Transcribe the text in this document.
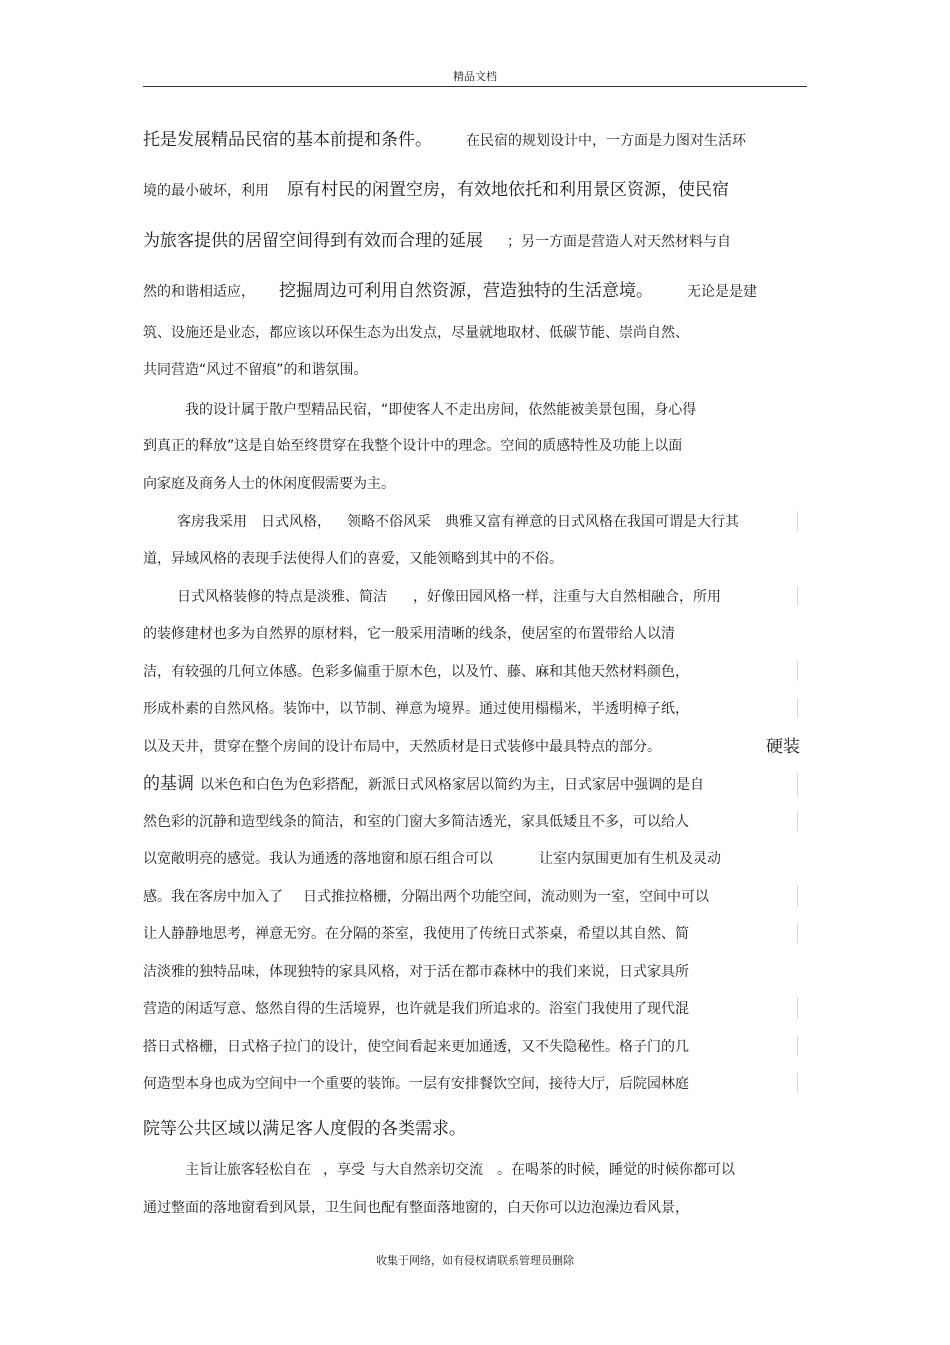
精品文档
托是发展精品民宿的基本前提和条件。 在民宿的规划设计中，一方面是力图对生活环
境的最小破坏，利用 原有村民的闲置空房，有效地依托和利用景区资源，使民宿
为旅客提供的居留空间得到有效而合理的延展 ；另一方面是营造人对天然材料与自
然的和谐相适应， 挖掘周边可利用自然资源，营造独特的生活意境。 无论是是建
筑、设施还是业态，都应该以环保生态为出发点，尽量就地取材、低碳节能、崇尚自然、
共同营造“风过不留痕”的和谐氛围。
我的设计属于散户型精品民宿，“即使客人不走出房间，依然能被美景包围，身心得
到真正的释放”这是自始至终贯穿在我整个设计中的理念。空间的质感特性及功能上以面
向家庭及商务人士的休闲度假需要为主。
客房我采用 日式风格， 领略不俗风采 典雅又富有禅意的日式风格在我国可谓是大行其
道，异域风格的表现手法使得人们的喜爱，又能领略到其中的不俗。
日式风格装修的特点是淡雅、简洁 ，好像田园风格一样，注重与大自然相融合，所用
的装修建材也多为自然界的原材料，它一般采用清晰的线条，使居室的布置带给人以清
洁，有较强的几何立体感。色彩多偏重于原木色，以及竹、藤、麻和其他天然材料颜色，
形成朴素的自然风格。装饰中，以节制、禅意为境界。通过使用榻榻米，半透明樟子纸，
以及天井，贯穿在整个房间的设计布局中，天然质材是日式装修中最具特点的部分。	硬装
的基调 以米色和白色为色彩搭配，新派日式风格家居以简约为主，日式家居中强调的是自
然色彩的沉静和造型线条的简洁，和室的门窗大多简洁透光，家具低矮且不多，可以给人
以宽敞明亮的感觉。我认为通透的落地窗和原石组合可以	让室内氛围更加有生机及灵动
感。我在客房中加入了 日式推拉格栅，分隔出两个功能空间，流动则为一室，空间中可以
让人静静地思考，禅意无穷。在分隔的茶室，我使用了传统日式茶桌，希望以其自然、简
洁淡雅的独特品味，体现独特的家具风格，对于活在都市森林中的我们来说，日式家具所
营造的闲适写意、悠然自得的生活境界，也许就是我们所追求的。浴室门我使用了现代混
搭日式格栅，日式格子拉门的设计，使空间看起来更加通透，又不失隐秘性。格子门的几
何造型本身也成为空间中一个重要的装饰。一层有安排餐饮空间，接待大厅，后院园林庭
院等公共区域以满足客人度假的各类需求。
主旨让旅客轻松自在 ，享受 与大自然亲切交流 。在喝茶的时候，睡觉的时候你都可以
通过整面的落地窗看到风景，卫生间也配有整面落地窗的，白天你可以边泡澡边看风景，
收集于网络，如有侵权请联系管理员删除
